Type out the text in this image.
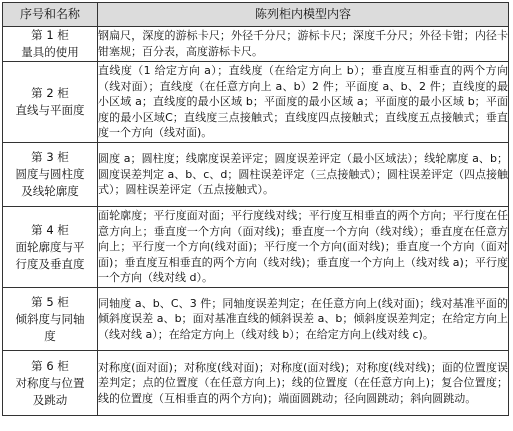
序号和名称	陈列柜内模型内容

第 1 柜
量具的使用	钢扁尺，深度的游标卡尺；外径千分尺；游标卡尺；深度千分尺；外径卡钳；内径卡钳塞规；百分表，高度游标卡尺。

第 2 柜
直线与平面度	直线度（1 给定方向 a）；直线度（在给定方向上 b）；垂直度互相垂直的两个方向（线对面）；直线度（在任意方向上 a、b）2 件；平面度 a、b、2 件；直线度的最小区域 a；直线度的最小区域 b；平面度的最小区域 a；平面度的最小区域 b；平面度的最小区域C；直线度三点接触式；直线度四点接触式；直线度五点接触式；垂直度一个方向（线对面)。

第 3 柜
圆度与圆柱度
及线轮廓度	圆度 a；圆柱度；线廓度误差评定；圆度误差评定（最小区域法）；线轮廓度 a、b；圆度误差判定 a、b、c、d；圆柱误差评定（三点接触式）；圆柱误差评定（四点接触式）；圆柱误差评定（五点接触式）。

第 4 柜
面轮廓度与平
行度及垂直度	面轮廓度；平行度面对面；平行度线对线；平行度互相垂直的两个方向；平行度在任意方向上；垂直度一个方向（面对线)；垂直度一个方向（线对线）；垂直度在任意方向上；平行度一个方向(线对面)；平行度一个方向(面对线)；垂直度一个方向（面对面)；垂直度互相垂直的两个方向（线对线)；垂直度一个方向上（线对线 a)；平行度一个方向（线对线 d）。

第 5 柜
倾斜度与同轴
度	同轴度 a、b、C、3 件；同轴度误差判定；在任意方向上(线对面)；线对基准平面的倾斜度误差 a、b；面对基准直线的倾斜误差 a、b；倾斜度误差判定；在给定方向上（线对线 a）；在给定方向上（线对线 b）；在给定方向上(线对线 c)。

第 6 柜
对称度与位置
及跳动	对称度(面对面)；对称度(线对面)；对称度(面对线)；对称度(线对线)；面的位置度误差判定；点的位置度（在任意方向上)；线的位置度（在任意方向上)；复合位置度；线的位置度（互相垂直的两个方向)；端面圆跳动；径向圆跳动；斜向圆跳动。
